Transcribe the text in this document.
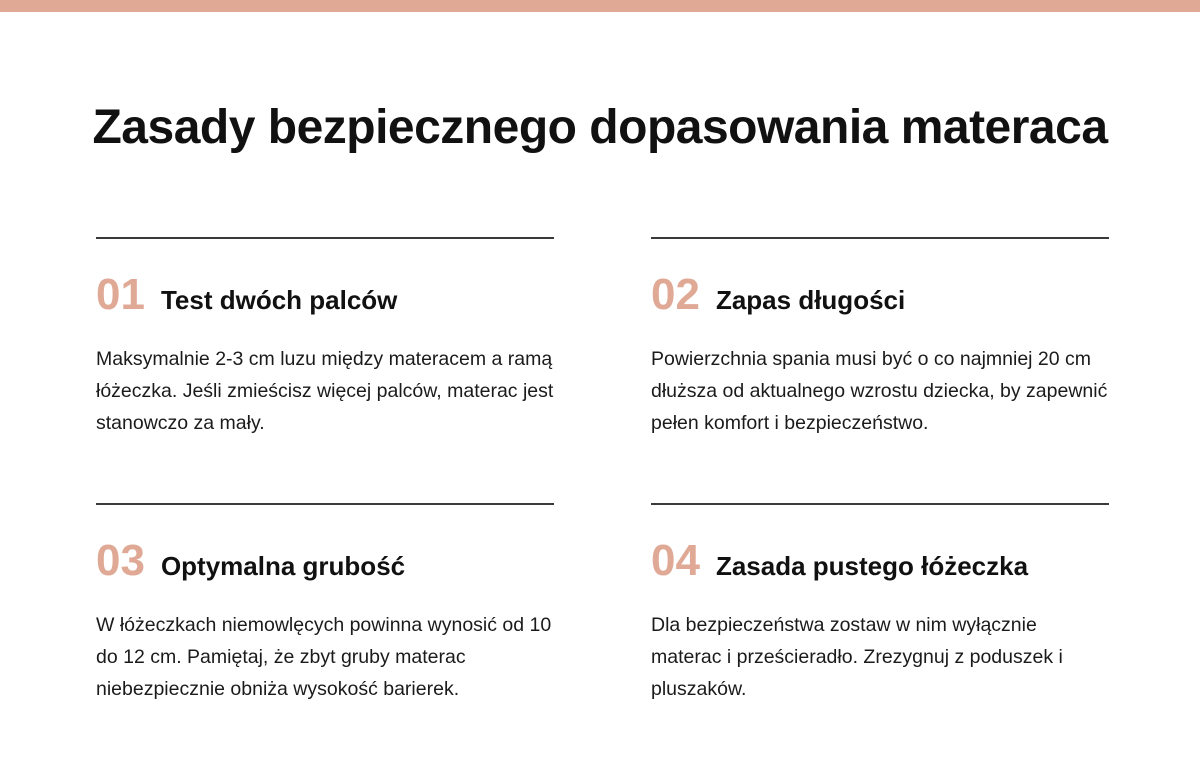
Zasady bezpiecznego dopasowania materaca
01 Test dwóch palców
Maksymalnie 2-3 cm luzu między materacem a ramą łóżeczka. Jeśli zmieścisz więcej palców, materac jest stanowczo za mały.
02 Zapas długości
Powierzchnia spania musi być o co najmniej 20 cm dłuższa od aktualnego wzrostu dziecka, by zapewnić pełen komfort i bezpieczeństwo.
03 Optymalna grubość
W łóżeczkach niemowlęcych powinna wynosić od 10 do 12 cm. Pamiętaj, że zbyt gruby materac niebezpiecznie obniża wysokość barierek.
04 Zasada pustego łóżeczka
Dla bezpieczeństwa zostaw w nim wyłącznie materac i prześcieradło. Zrezygnuj z poduszek i pluszaków.
